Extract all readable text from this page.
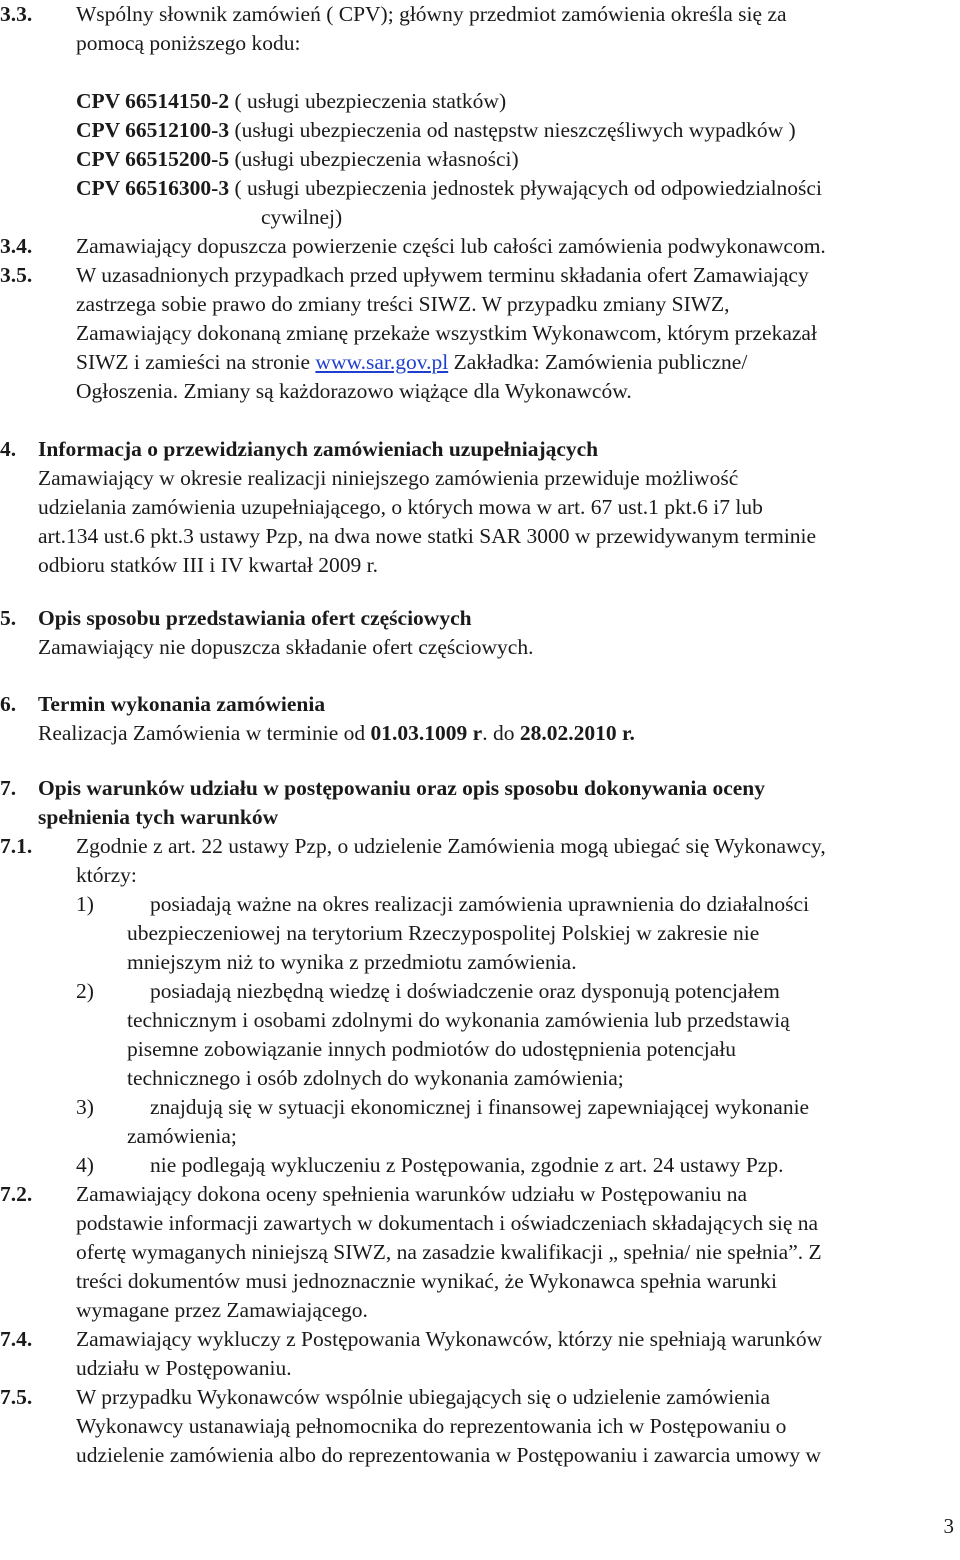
3.3. Wspólny słownik zamówień ( CPV); główny przedmiot zamówienia określa się za
pomocą poniższego kodu:
CPV 66514150-2 ( usługi ubezpieczenia statków)
CPV 66512100-3 (usługi ubezpieczenia od następstw nieszczęśliwych wypadków )
CPV 66515200-5 (usługi ubezpieczenia własności)
CPV 66516300-3 ( usługi ubezpieczenia jednostek pływających od odpowiedzialności
cywilnej)
3.4. Zamawiający dopuszcza powierzenie części lub całości zamówienia podwykonawcom.
3.5. W uzasadnionych przypadkach przed upływem terminu składania ofert Zamawiający
zastrzega sobie prawo do zmiany treści SIWZ. W przypadku zmiany SIWZ,
Zamawiający dokonaną zmianę przekaże wszystkim Wykonawcom, którym przekazał
SIWZ i zamieści na stronie www.sar.gov.pl Zakładka: Zamówienia publiczne/
Ogłoszenia. Zmiany są każdorazowo wiążące dla Wykonawców.
4. Informacja o przewidzianych zamówieniach uzupełniających
Zamawiający w okresie realizacji niniejszego zamówienia przewiduje możliwość
udzielania zamówienia uzupełniającego, o których mowa w art. 67 ust.1 pkt.6 i7 lub
art.134 ust.6 pkt.3 ustawy Pzp, na dwa nowe statki SAR 3000 w przewidywanym terminie
odbioru statków III i IV kwartał 2009 r.
5. Opis sposobu przedstawiania ofert częściowych
Zamawiający nie dopuszcza składanie ofert częściowych.
6. Termin wykonania zamówienia
Realizacja Zamówienia w terminie od 01.03.1009 r. do 28.02.2010 r.
7. Opis warunków udziału w postępowaniu oraz opis sposobu dokonywania oceny
spełnienia tych warunków
7.1. Zgodnie z art. 22 ustawy Pzp, o udzielenie Zamówienia mogą ubiegać się Wykonawcy,
którzy:
1)	posiadają ważne na okres realizacji zamówienia uprawnienia do działalności
ubezpieczeniowej na terytorium Rzeczypospolitej Polskiej w zakresie nie
mniejszym niż to wynika z przedmiotu zamówienia.
2)	posiadają niezbędną wiedzę i doświadczenie oraz dysponują potencjałem
technicznym i osobami zdolnymi do wykonania zamówienia lub przedstawią
pisemne zobowiązanie innych podmiotów do udostępnienia potencjału
technicznego i osób zdolnych do wykonania zamówienia;
3)	znajdują się w sytuacji ekonomicznej i finansowej zapewniającej wykonanie
zamówienia;
4)	nie podlegają wykluczeniu z Postępowania, zgodnie z art. 24 ustawy Pzp.
7.2. Zamawiający dokona oceny spełnienia warunków udziału w Postępowaniu na
podstawie informacji zawartych w dokumentach i oświadczeniach składających się na
ofertę wymaganych niniejszą SIWZ, na zasadzie kwalifikacji „ spełnia/ nie spełnia”. Z
treści dokumentów musi jednoznacznie wynikać, że Wykonawca spełnia warunki
wymagane przez Zamawiającego.
7.4. Zamawiający wykluczy z Postępowania Wykonawców, którzy nie spełniają warunków
udziału w Postępowaniu.
7.5. W przypadku Wykonawców wspólnie ubiegających się o udzielenie zamówienia
Wykonawcy ustanawiają pełnomocnika do reprezentowania ich w Postępowaniu o
udzielenie zamówienia albo do reprezentowania w Postępowaniu i zawarcia umowy w
3
